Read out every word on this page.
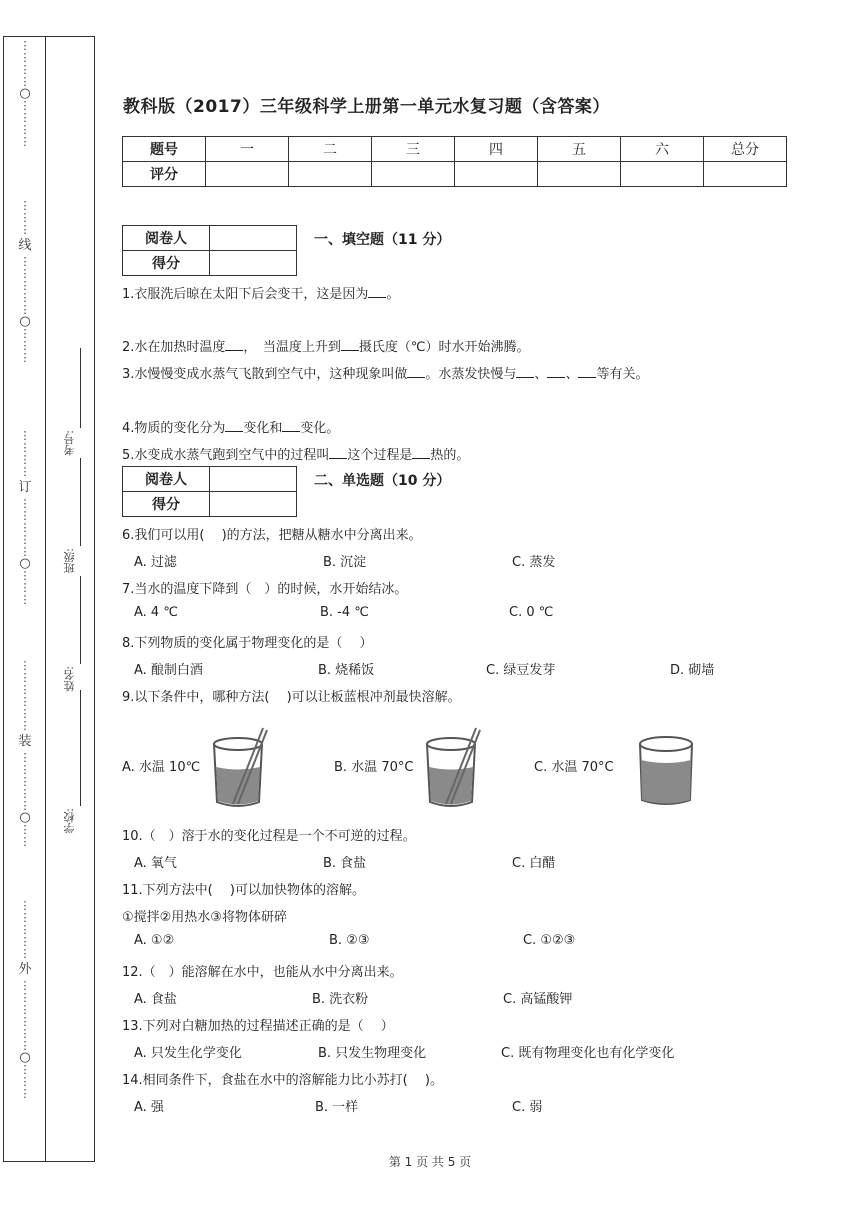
⋮
⋮
⋮
⋮
○
⋮
⋮
⋮
⋮
⋮
⋮
⋮

线
⋮
⋮
⋮
⋮
⋮
○
⋮
⋮
⋮
⋮
⋮
⋮
⋮

订
⋮
⋮
⋮
⋮
⋮
○
⋮
⋮
⋮
⋮
⋮
⋮
⋮
⋮
⋮

装
⋮
⋮
⋮
⋮
⋮
○
⋮
⋮
⋮
⋮
⋮
⋮
⋮

外
⋮
⋮
⋮
⋮
⋮
⋮
○
⋮
⋮
⋮
考号:
班级:
姓名:
学校:
教科版（2017）三年级科学上册第一单元水复习题（含答案）
题号	一	二	三	四	五	六	总分
评分							
阅卷人	
得分	
一、填空题（11 分）
1.衣服洗后晾在太阳下后会变干，这是因为 。
2.水在加热时温度 ，　当温度上升到 摄氏度（℃）时水开始沸腾。
3.水慢慢变成水蒸气飞散到空气中，这种现象叫做 。水蒸发快慢与 、 、 等有关。
4.物质的变化分为 变化和 变化。
5.水变成水蒸气跑到空气中的过程叫 这个过程是 热的。
阅卷人	
得分	
二、单选题（10 分）
6.我们可以用(　 )的方法，把糖从糖水中分离出来。
A. 过滤	B. 沉淀	C. 蒸发
7.当水的温度下降到（　）的时候，水开始结冰。
A. 4 ℃	B. -4 ℃	C. 0 ℃
8.下列物质的变化属于物理变化的是（　 ）
A. 酿制白酒	B. 烧稀饭	C. 绿豆发芽	D. 砌墙
9.以下条件中，哪种方法(　 )可以让板蓝根冲剂最快溶解。
A. 水温 10℃	B. 水温 70°C	C. 水温 70°C
10.（　）溶于水的变化过程是一个不可逆的过程。
A. 氧气	B. 食盐	C. 白醋
11.下列方法中(　 )可以加快物体的溶解。
①搅拌②用热水③将物体研碎
A. ①②	B. ②③	C. ①②③
12.（　）能溶解在水中，也能从水中分离出来。
A. 食盐	B. 洗衣粉	C. 高锰酸钾
13.下列对白糖加热的过程描述正确的是（　 ）
A. 只发生化学变化	B. 只发生物理变化	C. 既有物理变化也有化学变化
14.相同条件下，食盐在水中的溶解能力比小苏打(　 )。
A. 强	B. 一样	C. 弱
第 1 页 共 5 页
